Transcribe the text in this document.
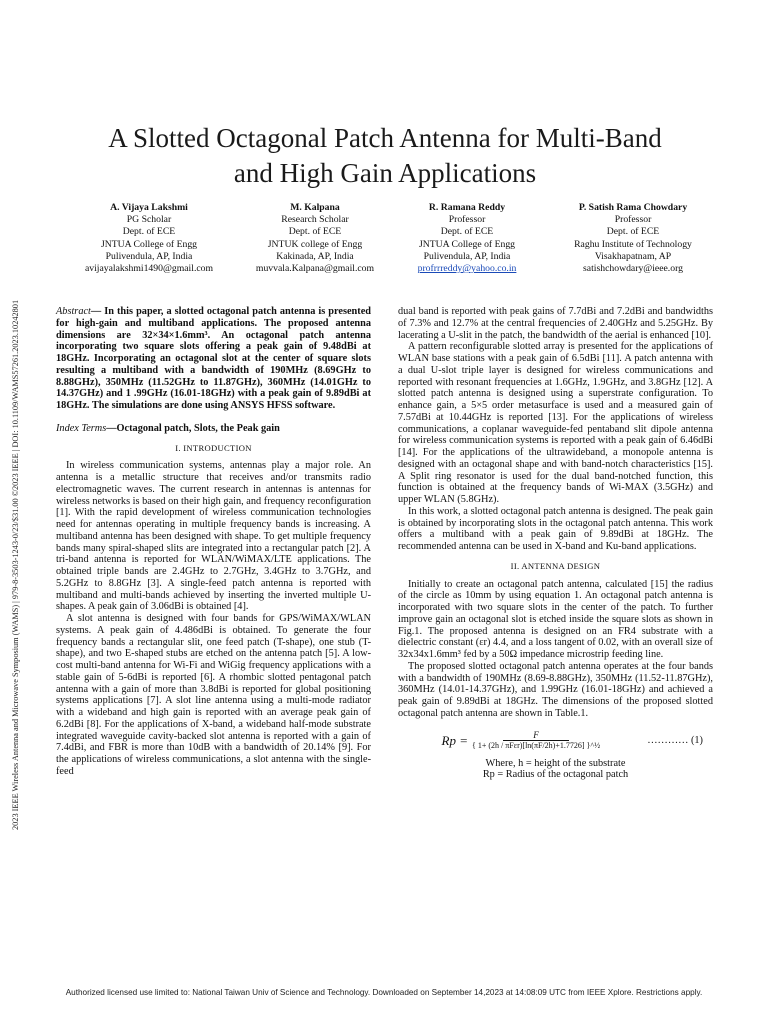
2023 IEEE Wireless Antenna and Microwave Symposium (WAMS) | 979-8-3503-1243-0/23/$31.00 ©2023 IEEE | DOI: 10.1109/WAMS57261.2023.10242801
A Slotted Octagonal Patch Antenna for Multi-Band
and High Gain Applications
A. Vijaya Lakshmi
PG Scholar
Dept. of ECE
JNTUA College of Engg
Pulivendula, AP, India
avijayalakshmi1490@gmail.com
M. Kalpana
Research Scholar
Dept. of ECE
JNTUK college of Engg
Kakinada, AP, India
muvvala.Kalpana@gmail.com
R. Ramana Reddy
Professor
Dept. of ECE
JNTUA College of Engg
Pulivendula, AP, India
profrrreddy@yahoo.co.in
P. Satish Rama Chowdary
Professor
Dept. of ECE
Raghu Institute of Technology
Visakhapatnam, AP
satishchowdary@ieee.org

Abstract— In this paper, a slotted octagonal patch antenna is presented for high-gain and multiband applications. The proposed antenna dimensions are 32×34×1.6mm³. An octagonal patch antenna incorporating two square slots offering a peak gain of 9.48dBi at 18GHz. Incorporating an octagonal slot at the center of square slots resulting a multiband with a bandwidth of 190MHz (8.69GHz to 8.88GHz), 350MHz (11.52GHz to 11.87GHz), 360MHz (14.01GHz to 14.37GHz) and 1 .99GHz (16.01-18GHz) with a peak gain of 9.89dBi at 18GHz. The simulations are done using ANSYS HFSS software.

Index Terms—Octagonal patch, Slots, the Peak gain

I. INTRODUCTION

In wireless communication systems, antennas play a major role. An antenna is a metallic structure that receives and/or transmits radio electromagnetic waves. The current research in antennas is antennas for wireless networks is based on their high gain, and frequency reconfiguration [1]. With the rapid development of wireless communication technologies need for antennas operating in multiple frequency bands is increasing. A multiband antenna has been designed with shape. To get multiple frequency bands many spiral-shaped slits are integrated into a rectangular patch [2]. A tri-band antenna is reported for WLAN/WiMAX/LTE applications. The obtained triple bands are 2.4GHz to 2.7GHz, 3.4GHz to 3.7GHz, and 5.2GHz to 8.8GHz [3]. A single-feed patch antenna is reported with multiband and multi-bands achieved by inserting the inverted multiple U-shapes. A peak gain of 3.06dBi is obtained [4].

A slot antenna is designed with four bands for GPS/WiMAX/WLAN systems. A peak gain of 4.486dBi is obtained. To generate the four frequency bands a rectangular slit, one feed patch (T-shape), one stub (T-shape), and two E-shaped stubs are etched on the antenna patch [5]. A low-cost multi-band antenna for Wi-Fi and WiGig frequency applications with a stable gain of 5-6dBi is reported [6]. A rhombic slotted pentagonal patch antenna with a gain of more than 3.8dBi is reported for global positioning systems applications [7]. A slot line antenna using a multi-mode radiator with a wideband and high gain is reported with an average peak gain of 6.2dBi [8]. For the applications of X-band, a wideband half-mode substrate integrated waveguide cavity-backed slot antenna is reported with a gain of 7.4dBi, and FBR is more than 10dB with a bandwidth of 20.14% [9]. For the applications of wireless communications, a slot antenna with the single-feed

dual band is reported with peak gains of 7.7dBi and 7.2dBi and bandwidths of 7.3% and 12.7% at the central frequencies of 2.40GHz and 5.25GHz. By lacerating a U-slit in the patch, the bandwidth of the aerial is enhanced [10].

A pattern reconfigurable slotted array is presented for the applications of WLAN base stations with a peak gain of 6.5dBi [11]. A patch antenna with a dual U-slot triple layer is designed for wireless communications and reported with resonant frequencies at 1.6GHz, 1.9GHz, and 3.8GHz [12]. A slotted patch antenna is designed using a superstrate configuration. To enhance gain, a 5×5 order metasurface is used and a measured gain of 7.57dBi at 10.44GHz is reported [13]. For the applications of wireless communications, a coplanar waveguide-fed pentaband slit dipole antenna for wireless communication systems is reported with a peak gain of 6.46dBi [14]. For the applications of the ultrawideband, a monopole antenna is designed with an octagonal shape and with band-notch characteristics [15]. A Split ring resonator is used for the dual band-notched function, this function is obtained at the frequency bands of Wi-MAX (3.5GHz) and upper WLAN (5.8GHz).

In this work, a slotted octagonal patch antenna is designed. The peak gain is obtained by incorporating slots in the octagonal patch antenna. This work offers a multiband with a peak gain of 9.89dBi at 18GHz. The recommended antenna can be used in X-band and Ku-band applications.

II. ANTENNA DESIGN

Initially to create an octagonal patch antenna, calculated [15] the radius of the circle as 10mm by using equation 1. An octagonal patch antenna is incorporated with two square slots in the center of the patch. To further improve gain an octagonal slot is etched inside the square slots as shown in Fig.1. The proposed antenna is designed on an FR4 substrate with a dielectric constant (εr) 4.4, and a loss tangent of 0.02, with an overall size of 32x34x1.6mm³ fed by a 50Ω impedance microstrip feeding line.

The proposed slotted octagonal patch antenna operates at the four bands with a bandwidth of 190MHz (8.69-8.88GHz), 350MHz (11.52-11.87GHz), 360MHz (14.01-14.37GHz), and 1.99GHz (16.01-18GHz) and achieved a peak gain of 9.89dBi at 18GHz. The dimensions of the proposed slotted octagonal patch antenna are shown in Table.1.

$Rp = \frac{F}{\text{\{ 1+ (2h / πFεr)[ln(πF/2h)+1.7726] \}\textasciicircum{}½}}$	………… (1)

Where, h = height of the substrate

Rp = Radius of the octagonal patch

Authorized licensed use limited to: National Taiwan Univ of Science and Technology. Downloaded on September 14,2023 at 14:08:09 UTC from IEEE Xplore. Restrictions apply.
